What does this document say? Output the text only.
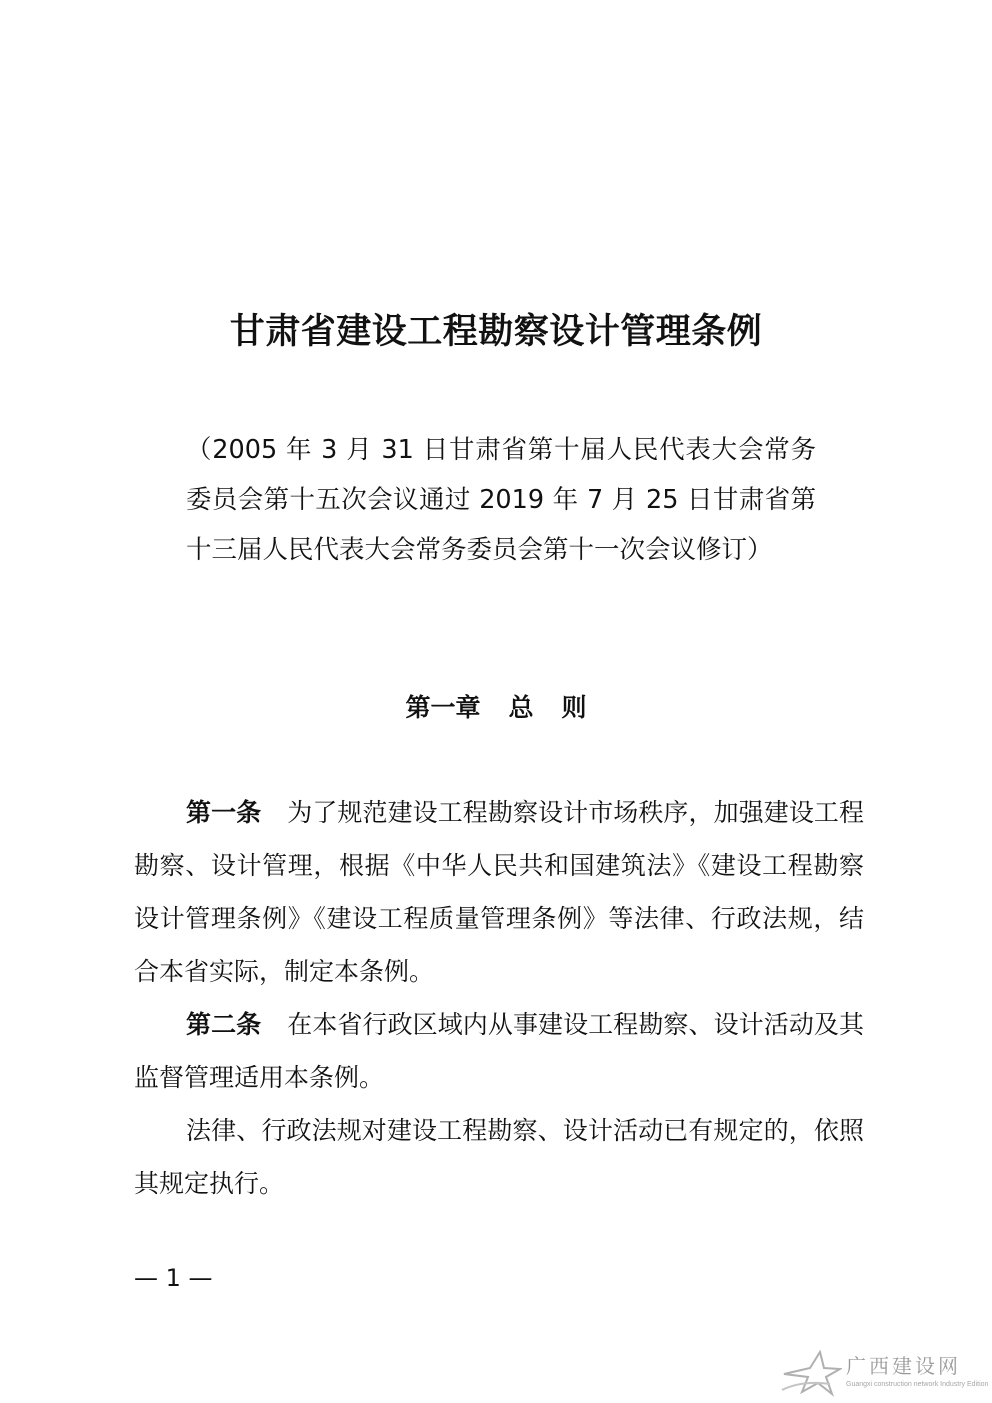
甘肃省建设工程勘察设计管理条例

（2005 年 3 月 31 日甘肃省第十届人民代表大会常务委员会第十五次会议通过 2019 年 7 月 25 日甘肃省第十三届人民代表大会常务委员会第十一次会议修订）

第一章 总 则

第一条 为了规范建设工程勘察设计市场秩序，加强建设工程勘察、设计管理，根据《中华人民共和国建筑法》《建设工程勘察设计管理条例》《建设工程质量管理条例》等法律、行政法规，结合本省实际，制定本条例。

第二条 在本省行政区域内从事建设工程勘察、设计活动及其监督管理适用本条例。

法律、行政法规对建设工程勘察、设计活动已有规定的，依照其规定执行。

— 1 —
广西建设网
Guangxi construction network Industry Edition
